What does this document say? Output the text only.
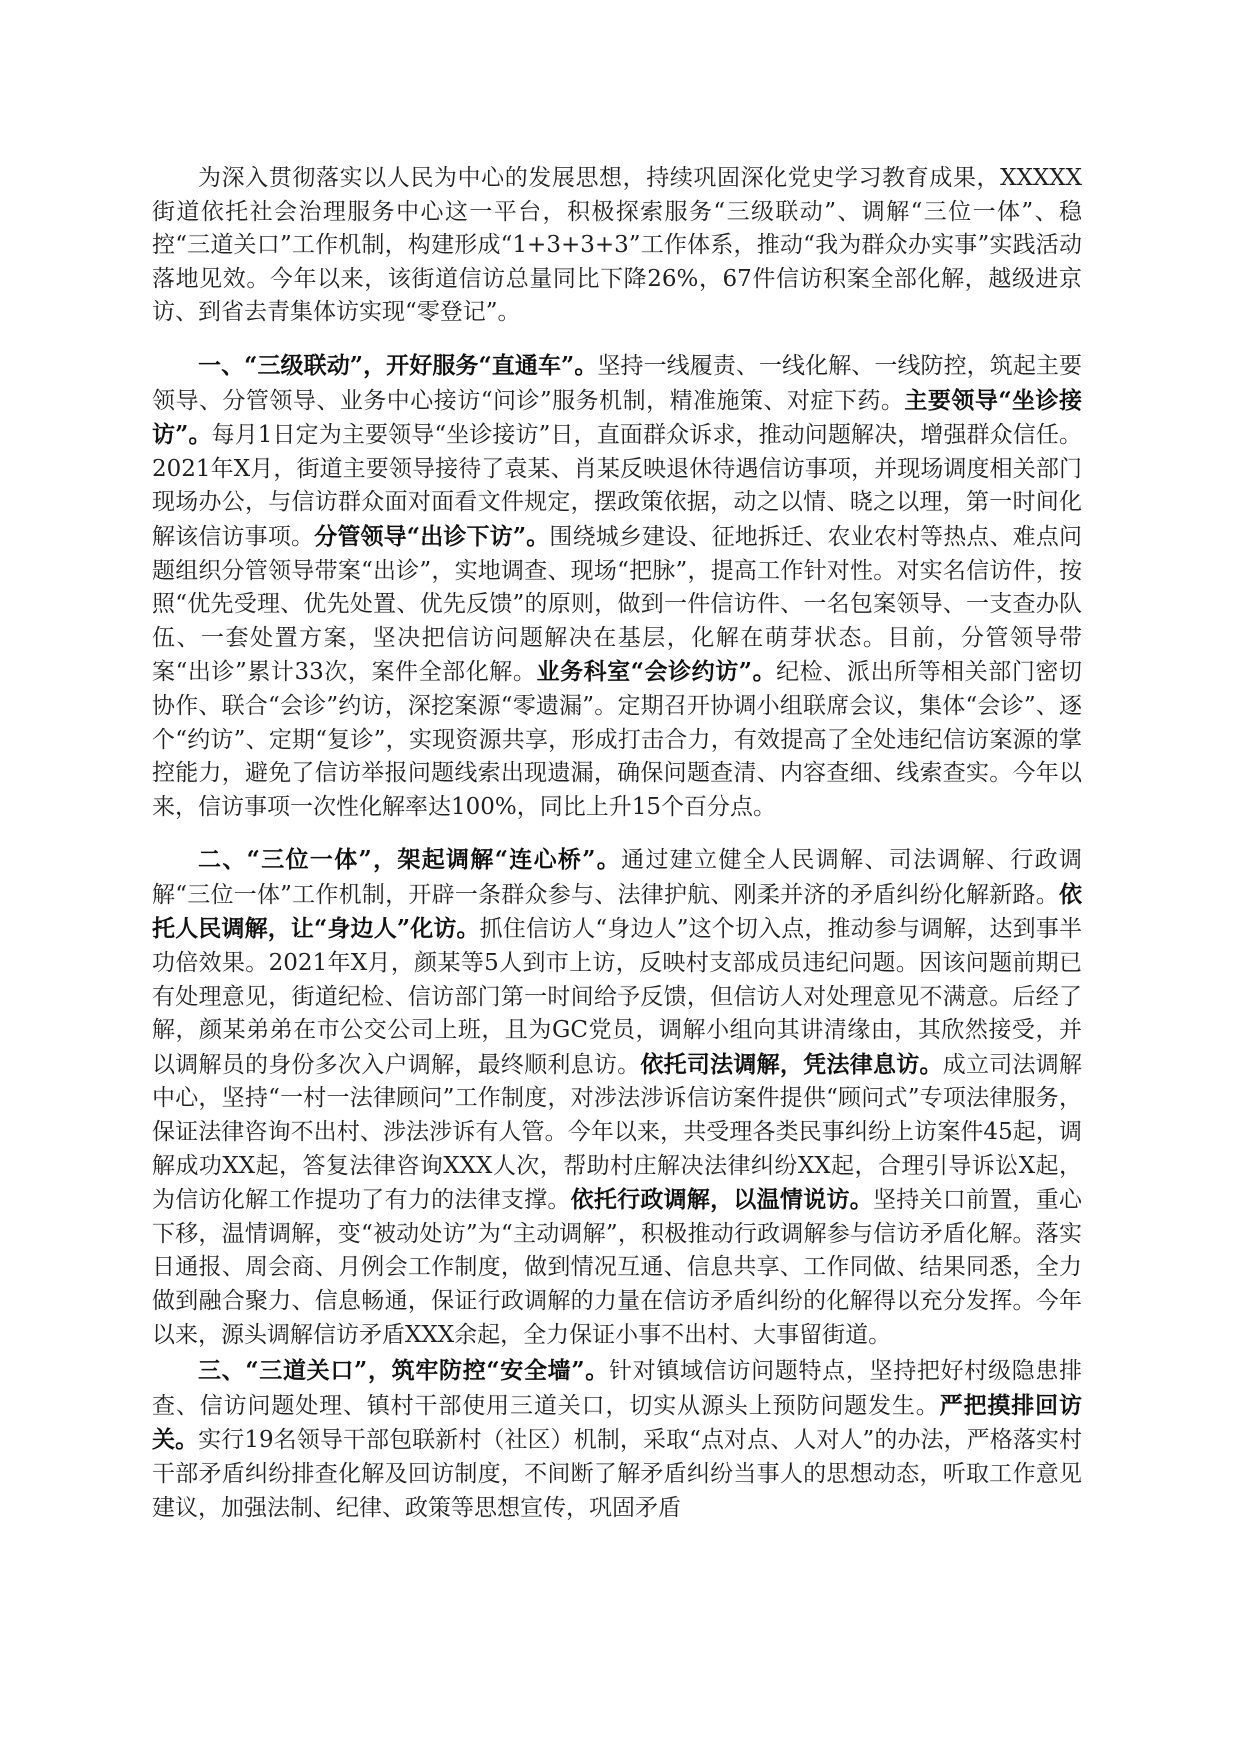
为深入贯彻落实以人民为中心的发展思想，持续巩固深化党史学习教育成果，XXXXX街道依托社会治理服务中心这一平台，积极探索服务“三级联动”、调解“三位一体”、稳控“三道关口”工作机制，构建形成“1+3+3+3”工作体系，推动“我为群众办实事”实践活动落地见效。今年以来，该街道信访总量同比下降26%，67件信访积案全部化解，越级进京访、到省去青集体访实现“零登记”。

一、“三级联动”，开好服务“直通车”。坚持一线履责、一线化解、一线防控，筑起主要领导、分管领导、业务中心接访“问诊”服务机制，精准施策、对症下药。主要领导“坐诊接访”。每月1日定为主要领导“坐诊接访”日，直面群众诉求，推动问题解决，增强群众信任。2021年X月，街道主要领导接待了袁某、肖某反映退休待遇信访事项，并现场调度相关部门现场办公，与信访群众面对面看文件规定，摆政策依据，动之以情、晓之以理，第一时间化解该信访事项。分管领导“出诊下访”。围绕城乡建设、征地拆迁、农业农村等热点、难点问题组织分管领导带案“出诊”，实地调查、现场“把脉”，提高工作针对性。对实名信访件，按照“优先受理、优先处置、优先反馈”的原则，做到一件信访件、一名包案领导、一支查办队伍、一套处置方案，坚决把信访问题解决在基层，化解在萌芽状态。目前，分管领导带案“出诊”累计33次，案件全部化解。业务科室“会诊约访”。纪检、派出所等相关部门密切协作、联合“会诊”约访，深挖案源“零遗漏”。定期召开协调小组联席会议，集体“会诊”、逐个“约访”、定期“复诊”，实现资源共享，形成打击合力，有效提高了全处违纪信访案源的掌控能力，避免了信访举报问题线索出现遗漏，确保问题查清、内容查细、线索查实。今年以来，信访事项一次性化解率达100%，同比上升15个百分点。

二、“三位一体”，架起调解“连心桥”。通过建立健全人民调解、司法调解、行政调解“三位一体”工作机制，开辟一条群众参与、法律护航、刚柔并济的矛盾纠纷化解新路。依托人民调解，让“身边人”化访。抓住信访人“身边人”这个切入点，推动参与调解，达到事半功倍效果。2021年X月，颜某等5人到市上访，反映村支部成员违纪问题。因该问题前期已有处理意见，街道纪检、信访部门第一时间给予反馈，但信访人对处理意见不满意。后经了解，颜某弟弟在市公交公司上班，且为GC党员，调解小组向其讲清缘由，其欣然接受，并以调解员的身份多次入户调解，最终顺利息访。依托司法调解，凭法律息访。成立司法调解中心，坚持“一村一法律顾问”工作制度，对涉法涉诉信访案件提供“顾问式”专项法律服务，保证法律咨询不出村、涉法涉诉有人管。今年以来，共受理各类民事纠纷上访案件45起，调解成功XX起，答复法律咨询XXX人次，帮助村庄解决法律纠纷XX起，合理引导诉讼X起，为信访化解工作提功了有力的法律支撑。依托行政调解，以温情说访。坚持关口前置，重心下移，温情调解，变“被动处访”为“主动调解”，积极推动行政调解参与信访矛盾化解。落实日通报、周会商、月例会工作制度，做到情况互通、信息共享、工作同做、结果同悉，全力做到融合聚力、信息畅通，保证行政调解的力量在信访矛盾纠纷的化解得以充分发挥。今年以来，源头调解信访矛盾XXX余起，全力保证小事不出村、大事留街道。

三、“三道关口”，筑牢防控“安全墙”。针对镇域信访问题特点，坚持把好村级隐患排查、信访问题处理、镇村干部使用三道关口，切实从源头上预防问题发生。严把摸排回访关。实行19名领导干部包联新村（社区）机制，采取“点对点、人对人”的办法，严格落实村干部矛盾纠纷排查化解及回访制度，不间断了解矛盾纠纷当事人的思想动态，听取工作意见建议，加强法制、纪律、政策等思想宣传，巩固矛盾
